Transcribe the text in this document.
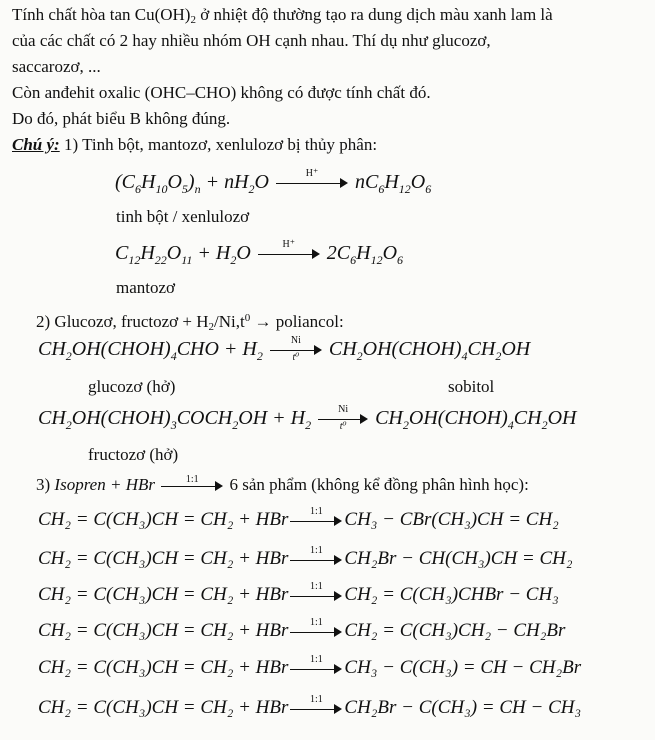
Tính chất hòa tan Cu(OH)2 ở nhiệt độ thường tạo ra dung dịch màu xanh lam là
của các chất có 2 hay nhiều nhóm OH cạnh nhau. Thí dụ như glucozơ,
saccarozơ, ...
Còn anđehit oxalic (OHC–CHO) không có được tính chất đó.
Do đó, phát biểu B không đúng.
Chú ý: 1) Tinh bột, mantozơ, xenlulozơ bị thủy phân:
$(C_6H_{10}O_5)_n + nH_2O$	H⁺	$nC_6H_{12}O_6$
tinh bột / xenlulozơ
$C_{12}H_{22}O_{11} + H_2O$	H⁺	$2C_6H_{12}O_6$
mantozơ
2) Glucozơ, fructozơ + $H2/Ni,t^0$ → poliancol:
$CH_2OH(CHOH)_4CHO + H_2 \frac{Ni}{\text{t⁰}}$ $CH_2OH(CHOH)_4CH_2OH$
glucozơ (hở)	sobitol
$CH_2OH(CHOH)_3COCH_2OH + H_2 \frac{Ni}{\text{t⁰}}$ $CH_2OH(CHOH)_4CH_2OH$
fructozơ (hở)
3) Isopren + HBr	1:1	6 sản phẩm (không kể đồng phân hình học):
CH₂ = C(CH₃)CH = CH₂ + HBr	1:1	CH₃ − CBr(CH₃)CH = CH₂
CH₂ = C(CH₃)CH = CH₂ + HBr	1:1	CH₂Br − CH(CH₃)CH = CH₂
CH₂ = C(CH₃)CH = CH₂ + HBr	1:1	CH₂ = C(CH₃)CHBr − CH₃
CH₂ = C(CH₃)CH = CH₂ + HBr	1:1	CH₂ = C(CH₃)CH₂ − CH₂Br
CH₂ = C(CH₃)CH = CH₂ + HBr	1:1	CH₃ − C(CH₃) = CH − CH₂Br
CH₂ = C(CH₃)CH = CH₂ + HBr	1:1	CH₂Br − C(CH₃) = CH − CH₃
